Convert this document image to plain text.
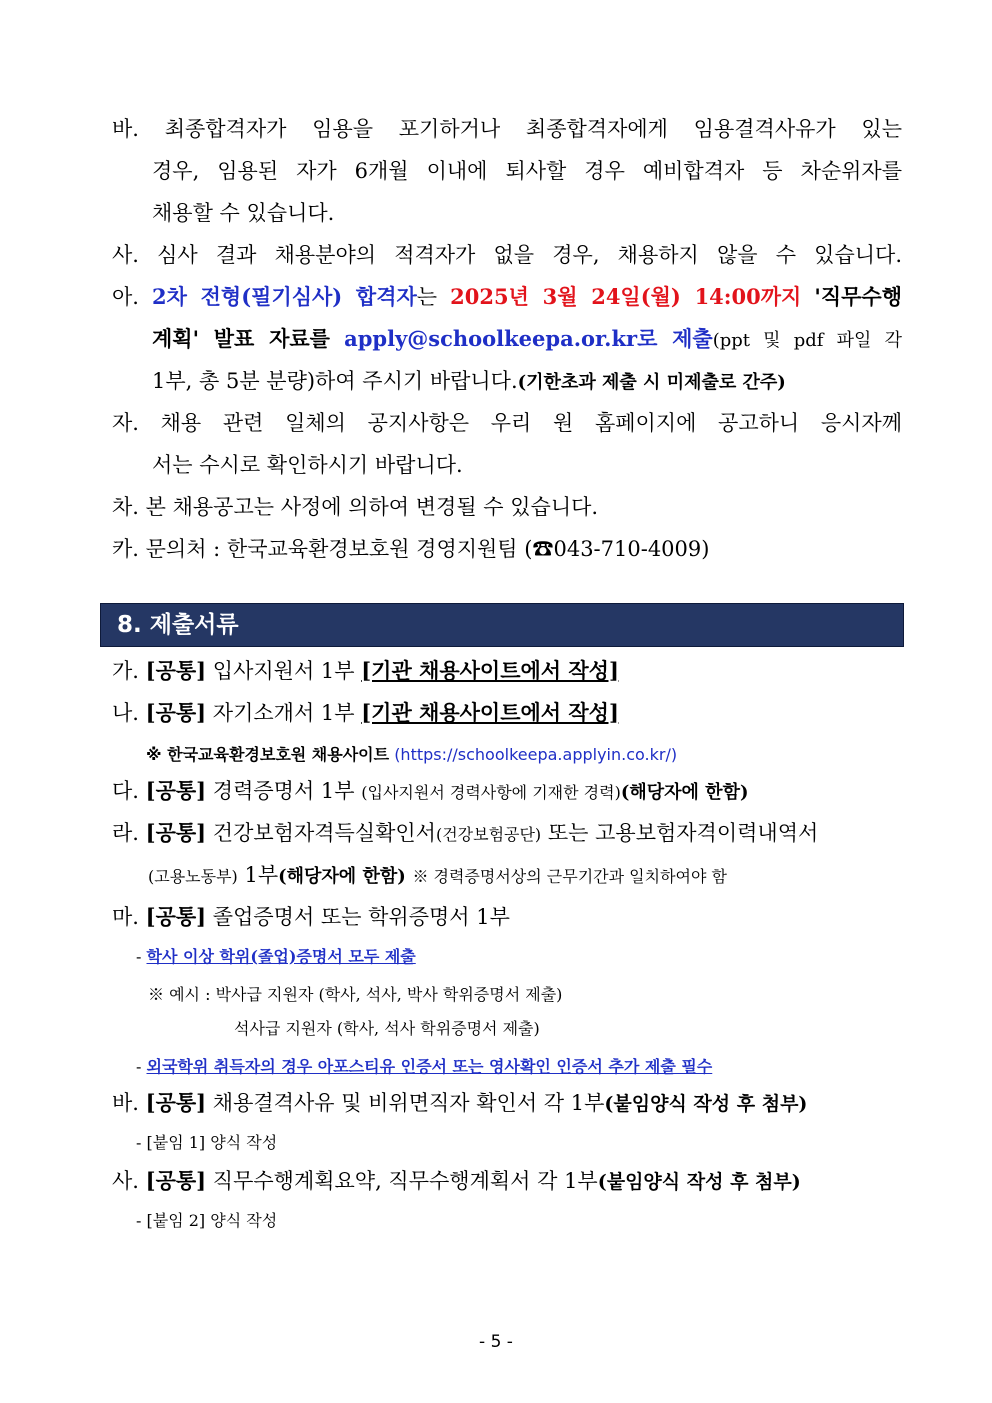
바. 최종합격자가 임용을 포기하거나 최종합격자에게 임용결격사유가 있는
경우, 임용된 자가 6개월 이내에 퇴사할 경우 예비합격자 등 차순위자를
채용할 수 있습니다.
사. 심사 결과 채용분야의 적격자가 없을 경우, 채용하지 않을 수 있습니다.
아. 2차 전형(필기심사) 합격자는 2025년 3월 24일(월) 14:00까지 '직무수행
계획' 발표 자료를 apply@schoolkeepa.or.kr로 제출(ppt 및 pdf 파일 각
1부, 총 5분 분량)하여 주시기 바랍니다.(기한초과 제출 시 미제출로 간주)
자. 채용 관련 일체의 공지사항은 우리 원 홈페이지에 공고하니 응시자께
서는 수시로 확인하시기 바랍니다.
차. 본 채용공고는 사정에 의하여 변경될 수 있습니다.
카. 문의처 : 한국교육환경보호원 경영지원팀 (☎043-710-4009)
8. 제출서류
가. [공통] 입사지원서 1부 [기관 채용사이트에서 작성]
나. [공통] 자기소개서 1부 [기관 채용사이트에서 작성]
※ 한국교육환경보호원 채용사이트 (https://schoolkeepa.applyin.co.kr/)
다. [공통] 경력증명서 1부 (입사지원서 경력사항에 기재한 경력)(해당자에 한함)
라. [공통] 건강보험자격득실확인서(건강보험공단) 또는 고용보험자격이력내역서
(고용노동부) 1부(해당자에 한함) ※ 경력증명서상의 근무기간과 일치하여야 함
마. [공통] 졸업증명서 또는 학위증명서 1부
- 학사 이상 학위(졸업)증명서 모두 제출
※ 예시 : 박사급 지원자 (학사, 석사, 박사 학위증명서 제출)
석사급 지원자 (학사, 석사 학위증명서 제출)
- 외국학위 취득자의 경우 아포스티유 인증서 또는 영사확인 인증서 추가 제출 필수
바. [공통] 채용결격사유 및 비위면직자 확인서 각 1부(붙임양식 작성 후 첨부)
- [붙임 1] 양식 작성
사. [공통] 직무수행계획요약, 직무수행계획서 각 1부(붙임양식 작성 후 첨부)
- [붙임 2] 양식 작성
- 5 -
